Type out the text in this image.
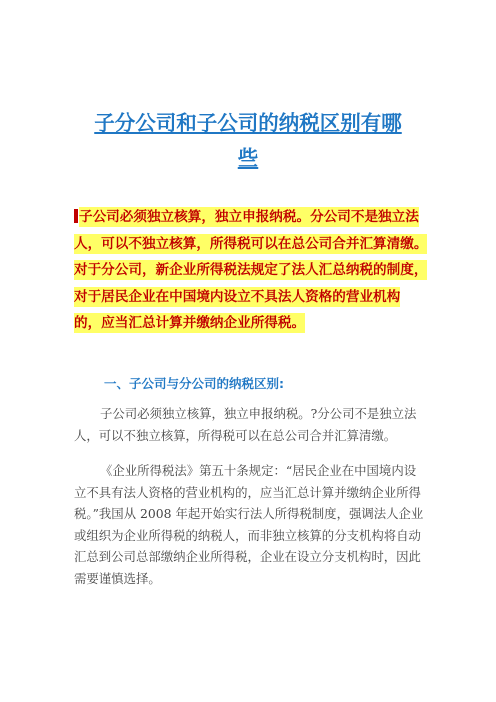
子分公司和子公司的纳税区别有哪
些

子公司必须独立核算，独立申报纳税。分公司不是独立法
人，可以不独立核算，所得税可以在总公司合并汇算清缴。
对于分公司，新企业所得税法规定了法人汇总纳税的制度，
对于居民企业在中国境内设立不具法人资格的营业机构
的，应当汇总计算并缴纳企业所得税。

一、子公司与分公司的纳税区别:

子公司必须独立核算，独立申报纳税。?分公司不是独立法
人，可以不独立核算，所得税可以在总公司合并汇算清缴。

《企业所得税法》第五十条规定：“居民企业在中国境内设
立不具有法人资格的营业机构的，应当汇总计算并缴纳企业所得
税。”我国从 2008 年起开始实行法人所得税制度，强调法人企业
或组织为企业所得税的纳税人，而非独立核算的分支机构将自动
汇总到公司总部缴纳企业所得税，企业在设立分支机构时，因此
需要谨慎选择。
